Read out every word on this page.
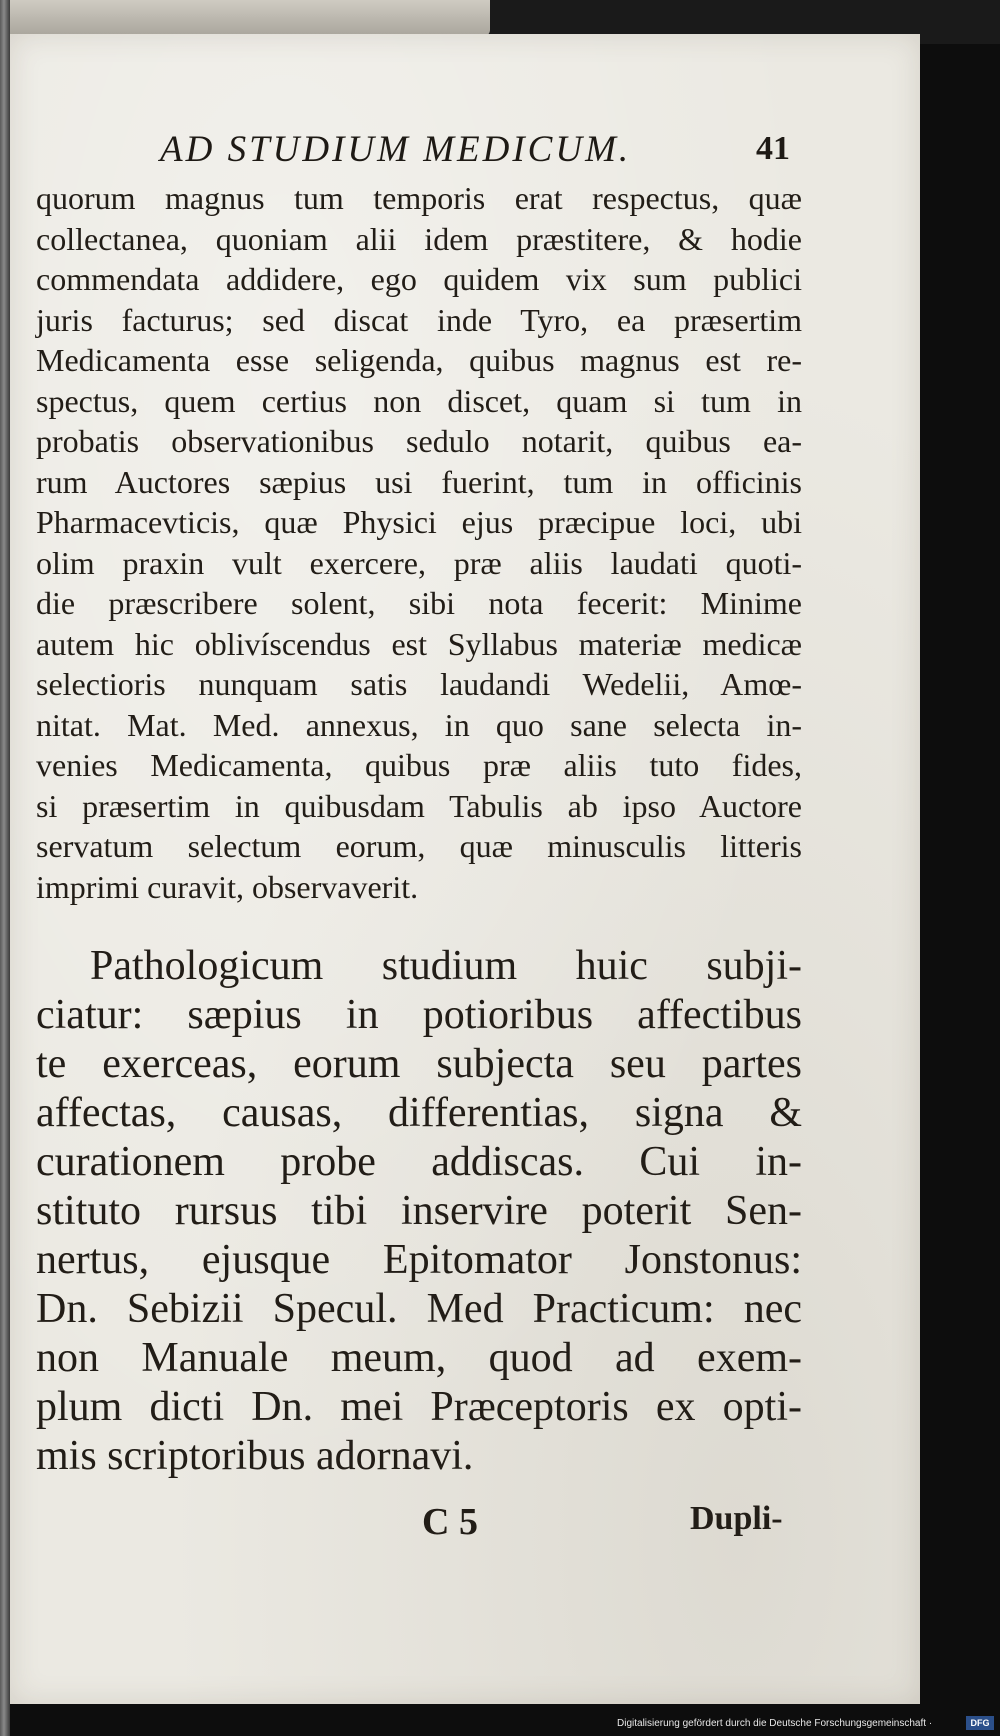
AD STUDIUM MEDICUM.	41
quorum magnus tum temporis erat respectus, quæ
collectanea, quoniam alii idem præstitere, & hodie
commendata addidere, ego quidem vix sum publici
juris facturus; sed discat inde Tyro, ea præsertim
Medicamenta esse seligenda, quibus magnus est re-
spectus, quem certius non discet, quam si tum in
probatis observationibus sedulo notarit, quibus ea-
rum Auctores sæpius usi fuerint, tum in officinis
Pharmacevticis, quæ Physici ejus præcipue loci, ubi
olim praxin vult exercere, præ aliis laudati quoti-
die præscribere solent, sibi nota fecerit: Minime
autem hic oblivíscendus est Syllabus materiæ medicæ
selectioris nunquam satis laudandi Wedelii, Amœ-
nitat. Mat. Med. annexus, in quo sane selecta in-
venies Medicamenta, quibus præ aliis tuto fides,
si præsertim in quibusdam Tabulis ab ipso Auctore
servatum selectum eorum, quæ minusculis litteris
imprimi curavit, observaverit.
Pathologicum studium huic subji-
ciatur: sæpius in potioribus affectibus
te exerceas, eorum subjecta seu partes
affectas, causas, differentias, signa &
curationem probe addiscas. Cui in-
stituto rursus tibi inservire poterit Sen-
nertus, ejusque Epitomator Jonstonus:
Dn. Sebizii Specul. Med Practicum: nec
non Manuale meum, quod ad exem-
plum dicti Dn. mei Præceptoris ex opti-
mis scriptoribus adornavi.
C 5	Dupli-
Digitalisierung gefördert durch die Deutsche Forschungsgemeinschaft ·	DFG
